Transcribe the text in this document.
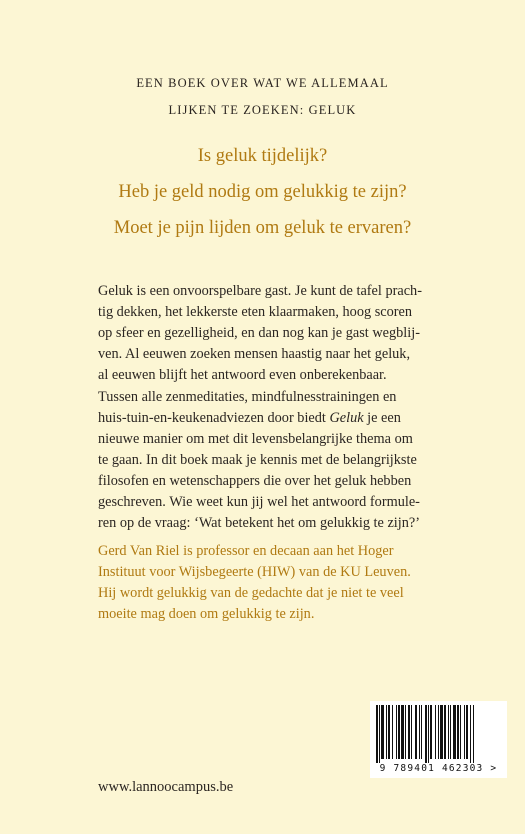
EEN BOEK OVER WAT WE ALLEMAAL
LIJKEN TE ZOEKEN: GELUK
Is geluk tijdelijk?
Heb je geld nodig om gelukkig te zijn?
Moet je pijn lijden om geluk te ervaren?
Geluk is een onvoorspelbare gast. Je kunt de tafel prach-
tig dekken, het lekkerste eten klaarmaken, hoog scoren
op sfeer en gezelligheid, en dan nog kan je gast wegblij-
ven. Al eeuwen zoeken mensen haastig naar het geluk,
al eeuwen blijft het antwoord even onberekenbaar.
Tussen alle zenmeditaties, mindfulnesstrainingen en
huis-tuin-en-keukenadviezen door biedt Geluk je een
nieuwe manier om met dit levensbelangrijke thema om
te gaan. In dit boek maak je kennis met de belangrijkste
filosofen en wetenschappers die over het geluk hebben
geschreven. Wie weet kun jij wel het antwoord formule-
ren op de vraag: ‘Wat betekent het om gelukkig te zijn?’
Gerd Van Riel is professor en decaan aan het Hoger
Instituut voor Wijsbegeerte (HIW) van de KU Leuven.
Hij wordt gelukkig van de gedachte dat je niet te veel
moeite mag doen om gelukkig te zijn.
9 789401 462303 >
www.lannoocampus.be
